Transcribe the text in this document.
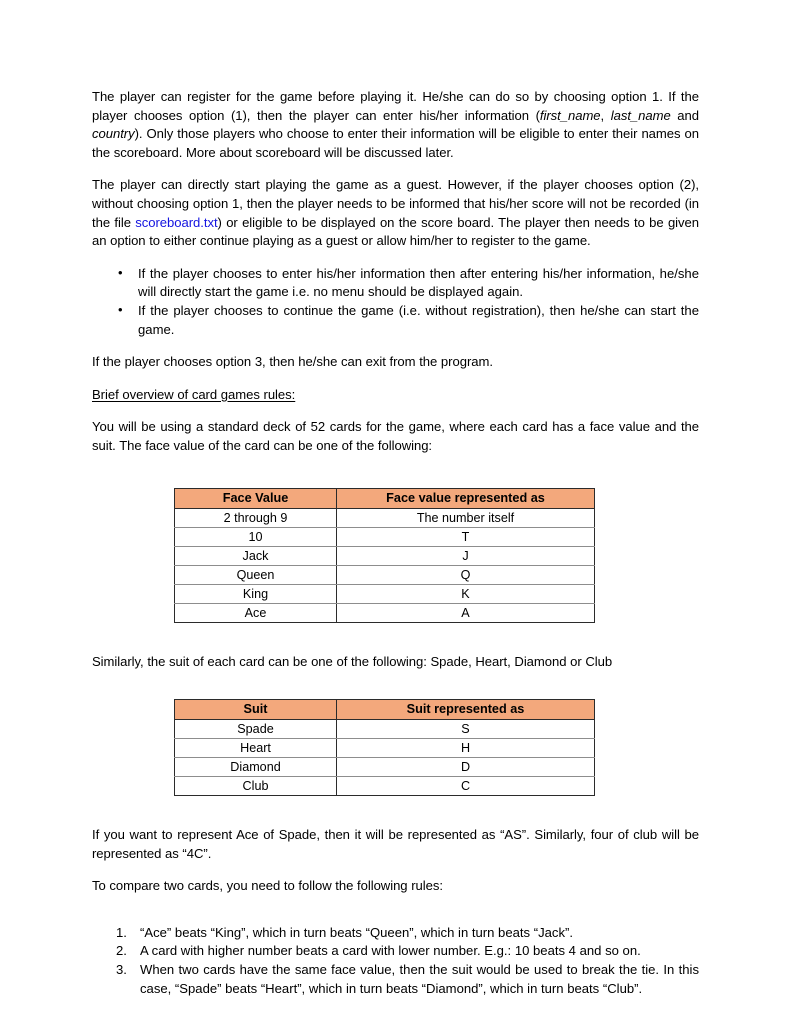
The player can register for the game before playing it. He/she can do so by choosing option 1. If the player chooses option (1), then the player can enter his/her information (first_name, last_name and country). Only those players who choose to enter their information will be eligible to enter their names on the scoreboard. More about scoreboard will be discussed later.

The player can directly start playing the game as a guest. However, if the player chooses option (2), without choosing option 1, then the player needs to be informed that his/her score will not be recorded (in the file scoreboard.txt) or eligible to be displayed on the score board. The player then needs to be given an option to either continue playing as a guest or allow him/her to register to the game.

• If the player chooses to enter his/her information then after entering his/her information, he/she will directly start the game i.e. no menu should be displayed again.
• If the player chooses to continue the game (i.e. without registration), then he/she can start the game.

If the player chooses option 3, then he/she can exit from the program.

Brief overview of card games rules:

You will be using a standard deck of 52 cards for the game, where each card has a face value and the suit. The face value of the card can be one of the following:

Face Value	Face value represented as
2 through 9	The number itself
10	T
Jack	J
Queen	Q
King	K
Ace	A

Similarly, the suit of each card can be one of the following: Spade, Heart, Diamond or Club

Suit	Suit represented as
Spade	S
Heart	H
Diamond	D
Club	C

If you want to represent Ace of Spade, then it will be represented as “AS”. Similarly, four of club will be represented as “4C”.

To compare two cards, you need to follow the following rules:

“Ace” beats “King”, which in turn beats “Queen”, which in turn beats “Jack”.
A card with higher number beats a card with lower number. E.g.: 10 beats 4 and so on.
When two cards have the same face value, then the suit would be used to break the tie. In this case, “Spade” beats “Heart”, which in turn beats “Diamond”, which in turn beats “Club”.
